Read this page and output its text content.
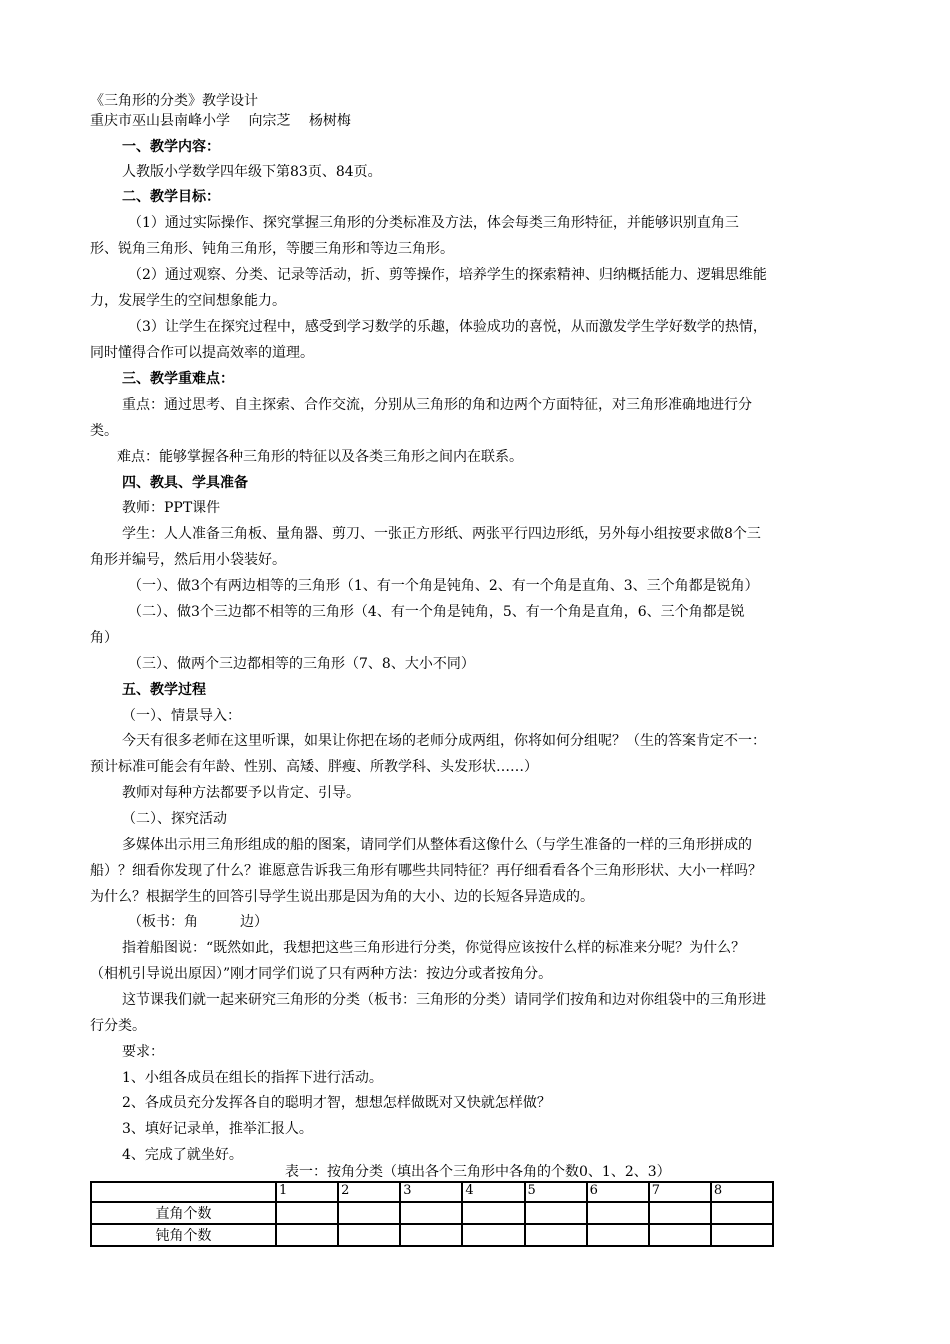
《三角形的分类》教学设计
重庆市巫山县南峰小学　 向宗芝　 杨树梅
一、教学内容：
人教版小学数学四年级下第83页、84页。
二、教学目标：
（1）通过实际操作、探究掌握三角形的分类标准及方法，体会每类三角形特征，并能够识别直角三
形、锐角三角形、钝角三角形，等腰三角形和等边三角形。
（2）通过观察、分类、记录等活动，折、剪等操作，培养学生的探索精神、归纳概括能力、逻辑思维能
力，发展学生的空间想象能力。
（3）让学生在探究过程中，感受到学习数学的乐趣，体验成功的喜悦，从而激发学生学好数学的热情，
同时懂得合作可以提高效率的道理。
三、教学重难点：
重点：通过思考、自主探索、合作交流，分别从三角形的角和边两个方面特征，对三角形准确地进行分
类。
难点：能够掌握各种三角形的特征以及各类三角形之间内在联系。
四、教具、学具准备
教师：PPT课件
学生：人人准备三角板、量角器、剪刀、一张正方形纸、两张平行四边形纸，另外每小组按要求做8个三
角形并编号，然后用小袋装好。
（一）、做3个有两边相等的三角形（1、有一个角是钝角、2、有一个角是直角、3、三个角都是锐角）
（二）、做3个三边都不相等的三角形（4、有一个角是钝角，5、有一个角是直角，6、三个角都是锐
角）
（三）、做两个三边都相等的三角形（7、8、大小不同）
五、教学过程
（一）、情景导入：
今天有很多老师在这里听课，如果让你把在场的老师分成两组，你将如何分组呢？（生的答案肯定不一：
预计标准可能会有年龄、性别、高矮、胖瘦、所教学科、头发形状……）
教师对每种方法都要予以肯定、引导。
（二）、探究活动
多媒体出示用三角形组成的船的图案，请同学们从整体看这像什么（与学生准备的一样的三角形拼成的
船）？细看你发现了什么？谁愿意告诉我三角形有哪些共同特征？再仔细看看各个三角形形状、大小一样吗？
为什么？根据学生的回答引导学生说出那是因为角的大小、边的长短各异造成的。
（板书：角　　　边）
指着船图说：“既然如此，我想把这些三角形进行分类，你觉得应该按什么样的标准来分呢？为什么？
（相机引导说出原因）”刚才同学们说了只有两种方法：按边分或者按角分。
这节课我们就一起来研究三角形的分类（板书：三角形的分类）请同学们按角和边对你组袋中的三角形进
行分类。
要求：
1、小组各成员在组长的指挥下进行活动。
2、各成员充分发挥各自的聪明才智，想想怎样做既对又快就怎样做？
3、填好记录单，推举汇报人。
4、完成了就坐好。
表一：按角分类（填出各个三角形中各角的个数0、1、2、3）
	1	2	3	4	5	6	7	8
直角个数								
钝角个数								
